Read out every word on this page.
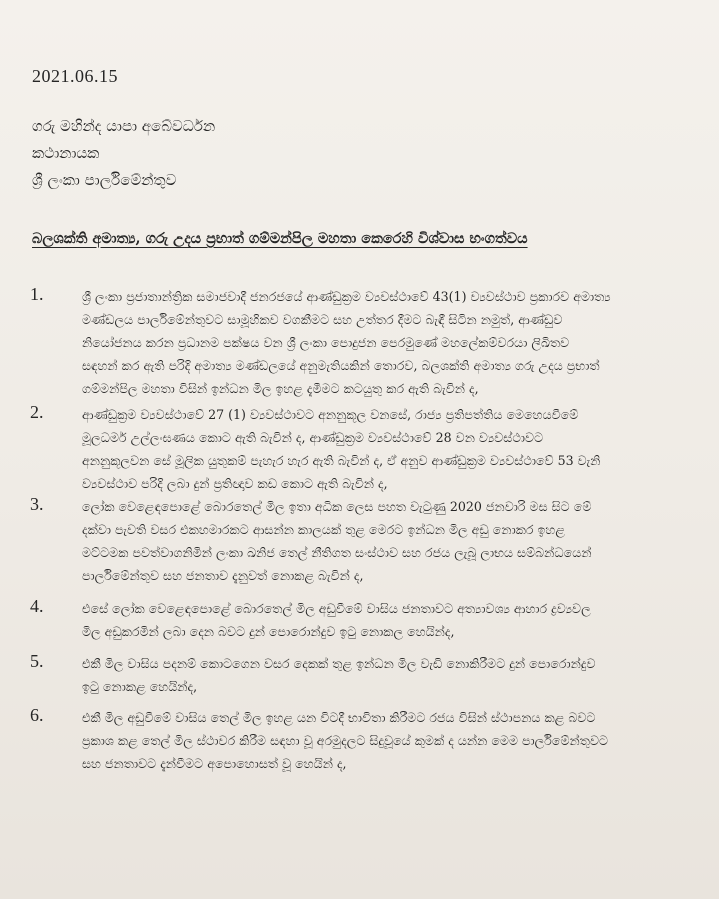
2021.06.15
ගරු මහින්ද යාපා අබේවර්ධන
කථානායක
ශ්‍රී ලංකා පාර්ලිමේන්තුව
බලශක්ති අමාත්‍ය, ගරු උදය ප්‍රභාත් ගම්මන්පිල මහතා කෙරෙහි විශ්වාස භංගත්වය
1.	ශ්‍රී ලංකා ප්‍රජාතාන්ත්‍රික සමාජවාදී ජනරජයේ ආණ්ඩුක්‍රම ව්‍යවස්ථාවේ 43(1) ව්‍යවස්ථාව ප්‍රකාරව අමාත්‍ය
මණ්ඩලය පාර්ලිමේන්තුවට සාමූහිකව වගකීමට සහ උත්තර දීමට බැඳී සිටින නමුත්, ආණ්ඩුව
නියෝජනය කරන ප්‍රධානම පක්ෂය වන ශ්‍රී ලංකා පොදුජන පෙරමුණේ මහලේකම්වරයා ලිඛිතව
සඳහන් කර ඇති පරිදි අමාත්‍ය මණ්ඩලයේ අනුමැතියකින් තොරව, බලශක්ති අමාත්‍ය ගරු උදය ප්‍රභාත්
ගම්මන්පිල මහතා විසින් ඉන්ධන මිල ඉහළ දැමීමට කටයුතු කර ඇති බැවින් ද,
2.	ආණ්ඩුක්‍රම ව්‍යවස්ථාවේ 27 (1) ව්‍යවස්ථාවට අනනුකූල වනසේ, රාජ්‍ය ප්‍රතිපත්තිය මෙහෙයවීමේ
මූලධර්ම උල්ලංඝණය කොට ඇති බැවින් ද, ආණ්ඩුක්‍රම ව්‍යවස්ථාවේ 28 වන ව්‍යවස්ථාවට
අනනුකූලවන සේ මූලික යුතුකම් පැහැර හැර ඇති බැවින් ද, ඒ අනුව ආණ්ඩුක්‍රම ව්‍යවස්ථාවේ 53 වැනි
ව්‍යවස්ථාව පරිදි ලබා දුන් ප්‍රතිඥාව කඩ කොට ඇති බැවින් ද,
3.	ලෝක වෙළෙඳපොළේ බොරතෙල් මිල ඉතා අධික ලෙස පහත වැටුණු 2020 ජනවාරි මස සිට මේ
දක්වා පැවති වසර එකහමාරකට ආසන්න කාලයක් තුළ මෙරට ඉන්ධන මිල අඩු නොකර ඉහළ
මට්ටමක පවත්වාගනිමින් ලංකා ඛනිජ තෙල් නීතිගත සංස්ථාව සහ රජය ලැබූ ලාභය සම්බන්ධයෙන්
පාර්ලිමේන්තුව සහ ජනතාව දැනුවත් නොකළ බැවින් ද,
4.	එසේ ලෝක වෙළෙඳපොළේ බොරතෙල් මිල අඩුවීමේ වාසිය ජනතාවට අත්‍යාවශ්‍ය ආහාර ද්‍රව්‍යවල
මිල අඩුකරමින් ලබා දෙන බවට දුන් පොරොන්දුව ඉටු නොකල හෙයින්ද,
5.	එකී මිල වාසිය පදනම් කොටගෙන වසර දෙකක් තුළ ඉන්ධන මිල වැඩි නොකිරීමට දුන් පොරොන්දුව
ඉටු නොකළ හෙයින්ද,
6.	එකී මිල අඩුවීමේ වාසිය තෙල් මිල ඉහළ යන විටදී භාවිතා කිරීමට රජය විසින් ස්ථාපනය කළ බවට
ප්‍රකාශ කළ තෙල් මිල ස්ථාවර කිරීම සඳහා වූ අරමුදලට සිදුවූයේ කුමක් ද යන්න මෙම පාර්ලිමේන්තුවට
සහ ජනතාවට දැන්වීමට අපොහොසත් වූ හෙයින් ද,
